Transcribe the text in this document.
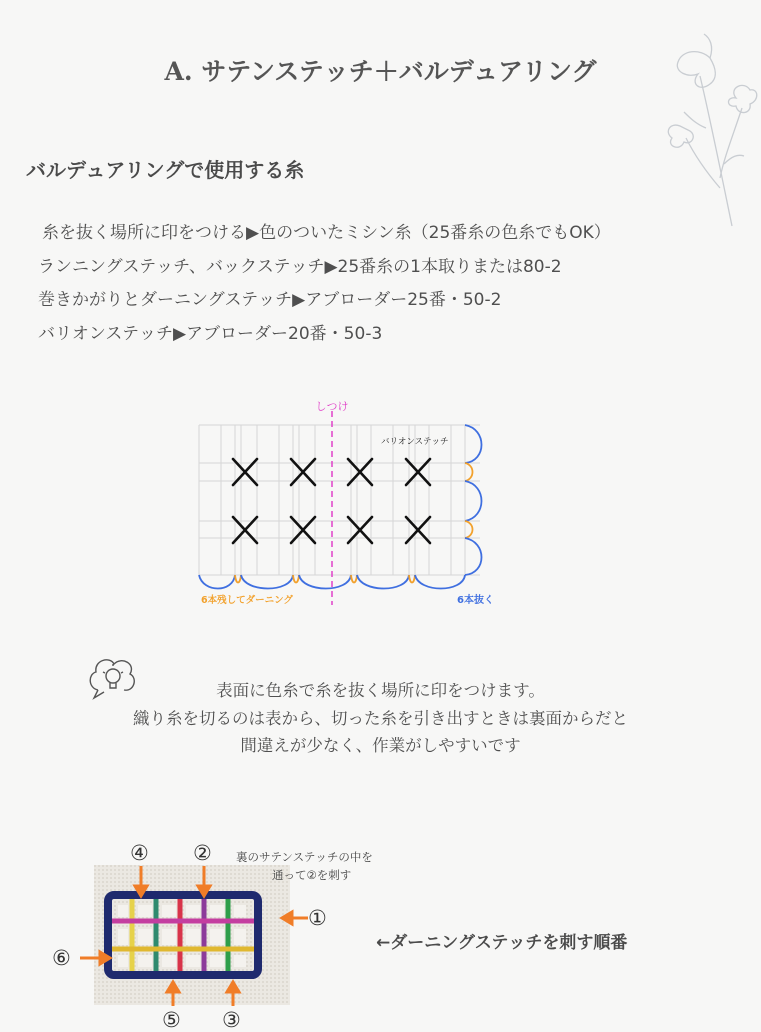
A. サテンステッチ＋バルデュアリング
バルデュアリングで使用する糸
糸を抜く場所に印をつける▶色のついたミシン糸（25番糸の色糸でもOK）
ランニングステッチ、バックステッチ▶25番糸の1本取りまたは80-2
巻きかがりとダーニングステッチ▶アブローダー25番・50-2
バリオンステッチ▶アブローダー20番・50-3
しつけ
バリオンステッチ
6本残してダーニング	6本抜く
表面に色糸で糸を抜く場所に印をつけます。
織り糸を切るのは表から、切った糸を引き出すときは裏面からだと
間違えが少なく、作業がしやすいです
④ ②
①
⑥
⑤ ③
裏のサテンステッチの中を
通って②を刺す
←ダーニングステッチを刺す順番
